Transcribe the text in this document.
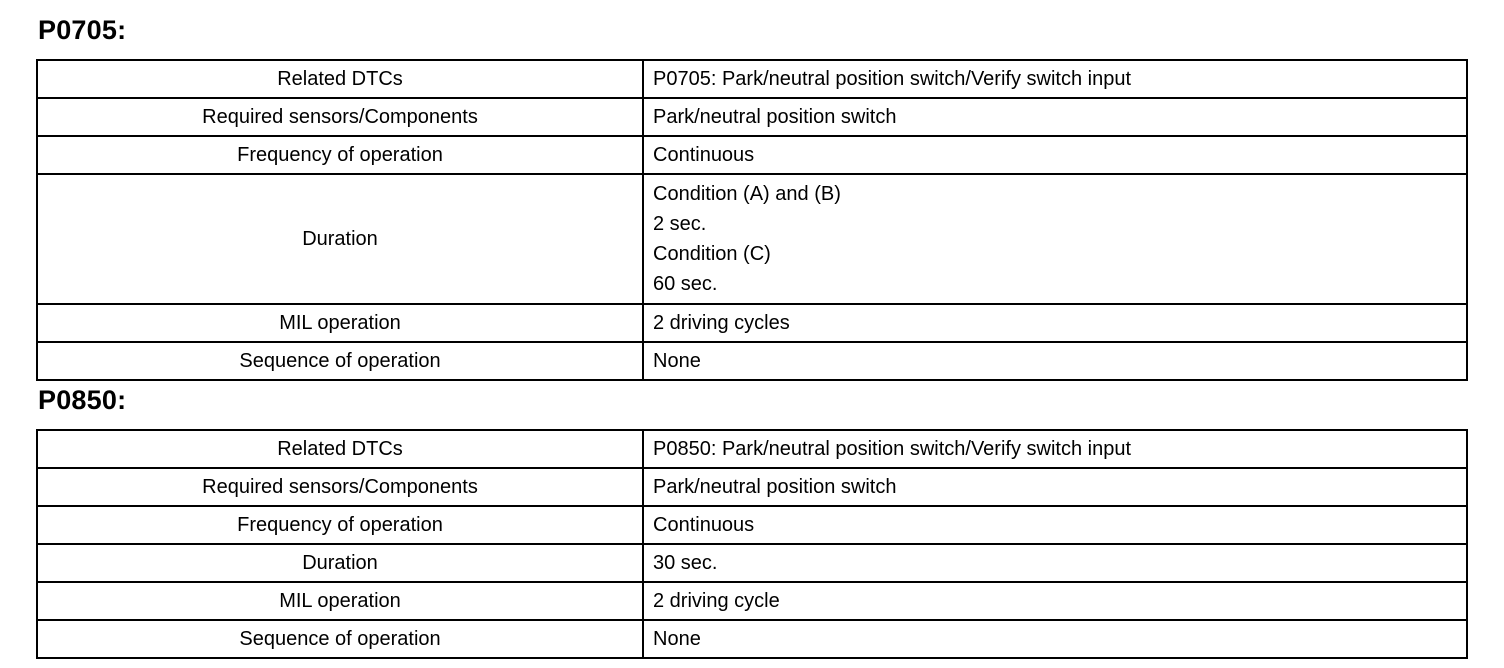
P0705:
Related DTCs	P0705: Park/neutral position switch/Verify switch input
Required sensors/Components	Park/neutral position switch
Frequency of operation	Continuous
Duration	Condition (A) and (B)
2 sec.
Condition (C)
60 sec.

MIL operation	2 driving cycles
Sequence of operation	None
P0850:
Related DTCs	P0850: Park/neutral position switch/Verify switch input
Required sensors/Components	Park/neutral position switch
Frequency of operation	Continuous
Duration	30 sec.
MIL operation	2 driving cycle
Sequence of operation	None
